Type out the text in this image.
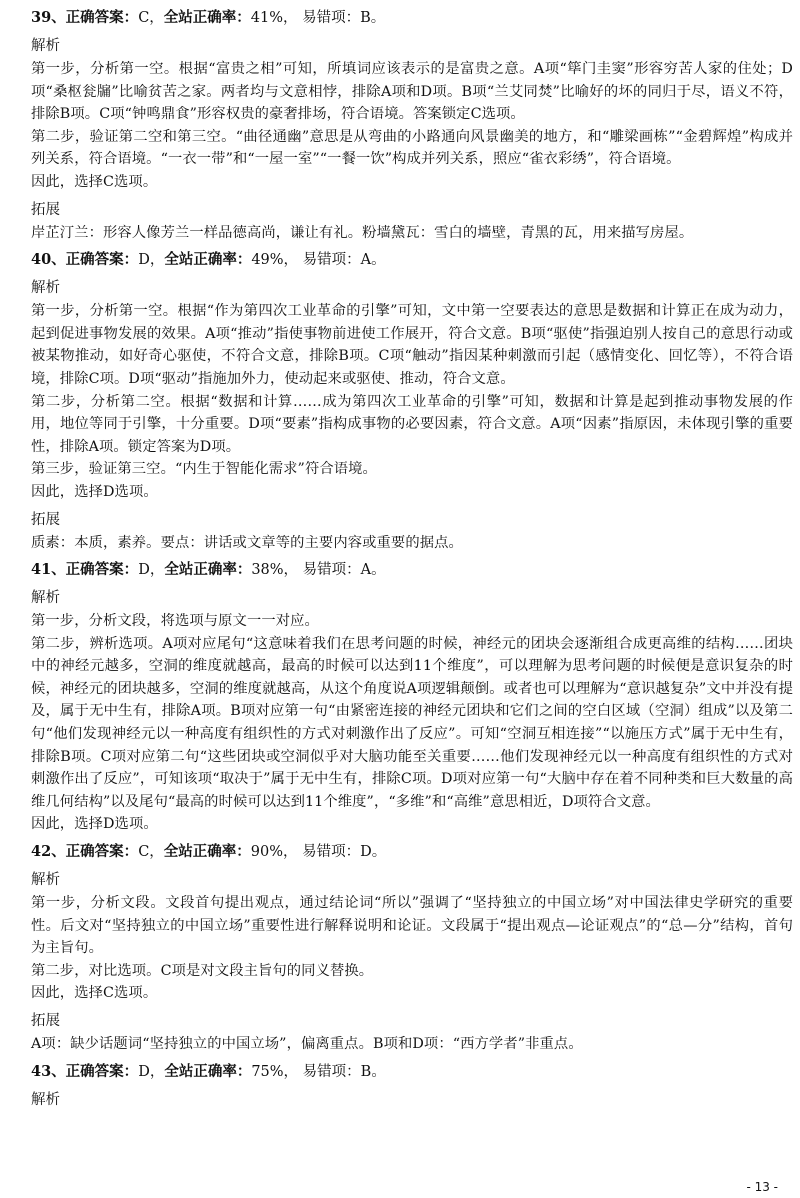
39、正确答案：C，全站正确率：41%， 易错项：B。
解析
第一步，分析第一空。根据“富贵之相”可知，所填词应该表示的是富贵之意。A项“筚门圭窦”形容穷苦人家的住处；D项“桑枢瓮牖”比喻贫苦之家。两者均与文意相悖，排除A项和D项。B项“兰艾同焚”比喻好的坏的同归于尽，语义不符，排除B项。C项“钟鸣鼎食”形容权贵的豪奢排场，符合语境。答案锁定C选项。
第二步，验证第二空和第三空。“曲径通幽”意思是从弯曲的小路通向风景幽美的地方，和“雕梁画栋”“金碧辉煌”构成并列关系，符合语境。“一衣一带”和“一屋一室”“一餐一饮”构成并列关系，照应“雀衣彩绣”，符合语境。
因此，选择C选项。
拓展
岸芷汀兰：形容人像芳兰一样品德高尚，谦让有礼。粉墙黛瓦：雪白的墙壁，青黑的瓦，用来描写房屋。
40、正确答案：D，全站正确率：49%， 易错项：A。
解析
第一步，分析第一空。根据“作为第四次工业革命的引擎”可知，文中第一空要表达的意思是数据和计算正在成为动力，起到促进事物发展的效果。A项“推动”指使事物前进使工作展开，符合文意。B项“驱使”指强迫别人按自己的意思行动或被某物推动，如好奇心驱使，不符合文意，排除B项。C项“触动”指因某种刺激而引起（感情变化、回忆等），不符合语境，排除C项。D项“驱动”指施加外力，使动起来或驱使、推动，符合文意。
第二步，分析第二空。根据“数据和计算……成为第四次工业革命的引擎”可知，数据和计算是起到推动事物发展的作用，地位等同于引擎，十分重要。D项“要素”指构成事物的必要因素，符合文意。A项“因素”指原因，未体现引擎的重要性，排除A项。锁定答案为D项。
第三步，验证第三空。“内生于智能化需求”符合语境。
因此，选择D选项。
拓展
质素：本质，素养。要点：讲话或文章等的主要内容或重要的据点。
41、正确答案：D，全站正确率：38%， 易错项：A。
解析
第一步，分析文段，将选项与原文一一对应。
第二步，辨析选项。A项对应尾句“这意味着我们在思考问题的时候，神经元的团块会逐渐组合成更高维的结构……团块中的神经元越多，空洞的维度就越高，最高的时候可以达到11个维度”，可以理解为思考问题的时候便是意识复杂的时候，神经元的团块越多，空洞的维度就越高，从这个角度说A项逻辑颠倒。或者也可以理解为“意识越复杂”文中并没有提及，属于无中生有，排除A项。B项对应第一句“由紧密连接的神经元团块和它们之间的空白区域（空洞）组成”以及第二句“他们发现神经元以一种高度有组织性的方式对刺激作出了反应”。可知“空洞互相连接”“以施压方式”属于无中生有，排除B项。C项对应第二句“这些团块或空洞似乎对大脑功能至关重要……他们发现神经元以一种高度有组织性的方式对刺激作出了反应”，可知该项“取决于”属于无中生有，排除C项。D项对应第一句“大脑中存在着不同种类和巨大数量的高维几何结构”以及尾句“最高的时候可以达到11个维度”，“多维”和“高维”意思相近，D项符合文意。
因此，选择D选项。
42、正确答案：C，全站正确率：90%， 易错项：D。
解析
第一步，分析文段。文段首句提出观点，通过结论词“所以”强调了“坚持独立的中国立场”对中国法律史学研究的重要性。后文对“坚持独立的中国立场”重要性进行解释说明和论证。文段属于“提出观点—论证观点”的“总—分”结构，首句为主旨句。
第二步，对比选项。C项是对文段主旨句的同义替换。
因此，选择C选项。
拓展
A项：缺少话题词“坚持独立的中国立场”，偏离重点。B项和D项：“西方学者”非重点。
43、正确答案：D，全站正确率：75%， 易错项：B。
解析
- 13 -
